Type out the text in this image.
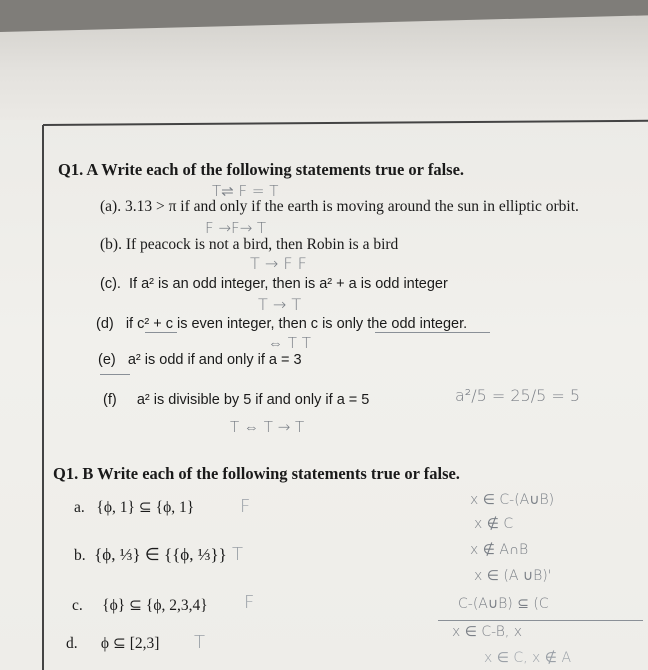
Q1. A Write each of the following statements true or false.
(a). 3.13 > π if and only if the earth is moving around the sun in elliptic orbit.
(b). If peacock is not a bird, then Robin is a bird
(c). If a² is an odd integer, then is a² + a is odd integer
(d) if c² + c is even integer, then c is only the odd integer.
(e) a² is odd if and only if a = 3
(f) a² is divisible by 5 if and only if a = 5
T⇌ F = T
F →F→ T
T → F F
T → T
⇔ T T
T ⇔ T → T
a²/5 = 25/5 = 5
Q1. B Write each of the following statements true or false.
a. {ϕ, 1} ⊆ {ϕ, 1}
b. {ϕ, ⅓} ∈ {{ϕ, ⅓}}
c. {ϕ} ⊆ {ϕ, 2,3,4}
d. ϕ ⊆ [2,3]
F
T
F
T
x ∈ C-(A∪B)
x ∉ C
x ∉ A∩B
x ∈ (A ∪B)'
C-(A∪B) ⊆ (C
x ∈ C-B, x
x ∈ C, x ∉ A
